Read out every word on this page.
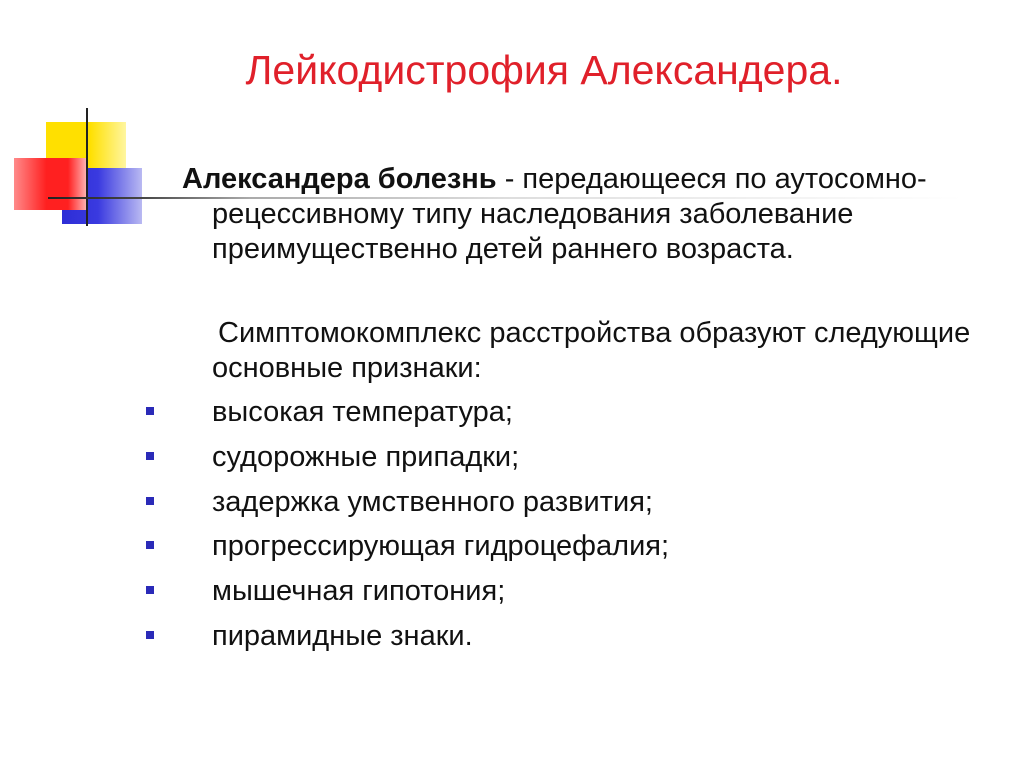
Лейкодистрофия Александера.
Александера болезнь - передающееся по аутосомно-рецессивному типу наследования заболевание преимущественно детей раннего возраста.
Симптомокомплекс расстройства образуют следующие основные признаки:
высокая температура;
судорожные припадки;
задержка умственного развития;
прогрессирующая гидроцефалия;
мышечная гипотония;
пирамидные знаки.
